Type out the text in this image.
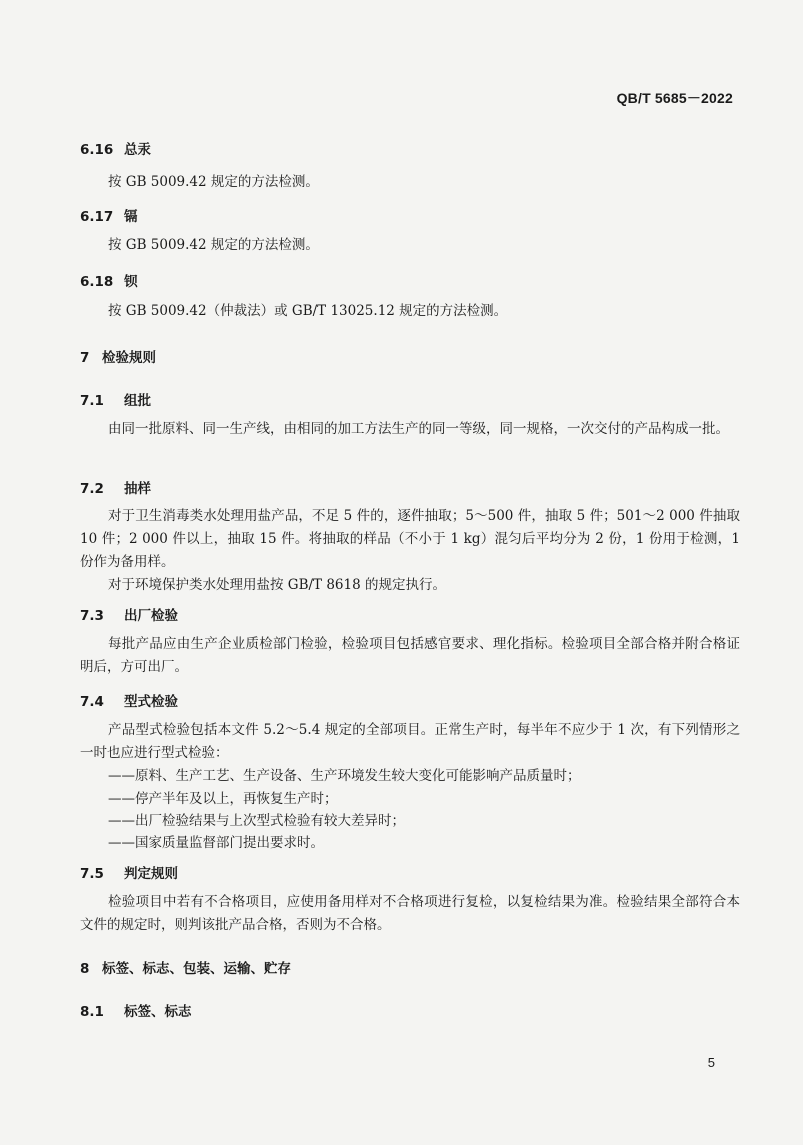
QB/T 5685－2022
6.16 总汞
按 GB 5009.42 规定的方法检测。
6.17 镉
按 GB 5009.42 规定的方法检测。
6.18 钡
按 GB 5009.42（仲裁法）或 GB/T 13025.12 规定的方法检测。
7 检验规则
7.1 组批
由同一批原料、同一生产线，由相同的加工方法生产的同一等级，同一规格，一次交付的产品构成一批。
7.2 抽样
对于卫生消毒类水处理用盐产品，不足 5 件的，逐件抽取；5～500 件，抽取 5 件；501～2 000 件抽取 10 件；2 000 件以上，抽取 15 件。将抽取的样品（不小于 1 kg）混匀后平均分为 2 份，1 份用于检测，1 份作为备用样。
对于环境保护类水处理用盐按 GB/T 8618 的规定执行。
7.3 出厂检验
每批产品应由生产企业质检部门检验，检验项目包括感官要求、理化指标。检验项目全部合格并附合格证明后，方可出厂。
7.4 型式检验
产品型式检验包括本文件 5.2～5.4 规定的全部项目。正常生产时，每半年不应少于 1 次，有下列情形之一时也应进行型式检验：
——原料、生产工艺、生产设备、生产环境发生较大变化可能影响产品质量时；
——停产半年及以上，再恢复生产时；
——出厂检验结果与上次型式检验有较大差异时；
——国家质量监督部门提出要求时。
7.5 判定规则
检验项目中若有不合格项目，应使用备用样对不合格项进行复检，以复检结果为准。检验结果全部符合本文件的规定时，则判该批产品合格，否则为不合格。
8 标签、标志、包装、运输、贮存
8.1 标签、标志
5
